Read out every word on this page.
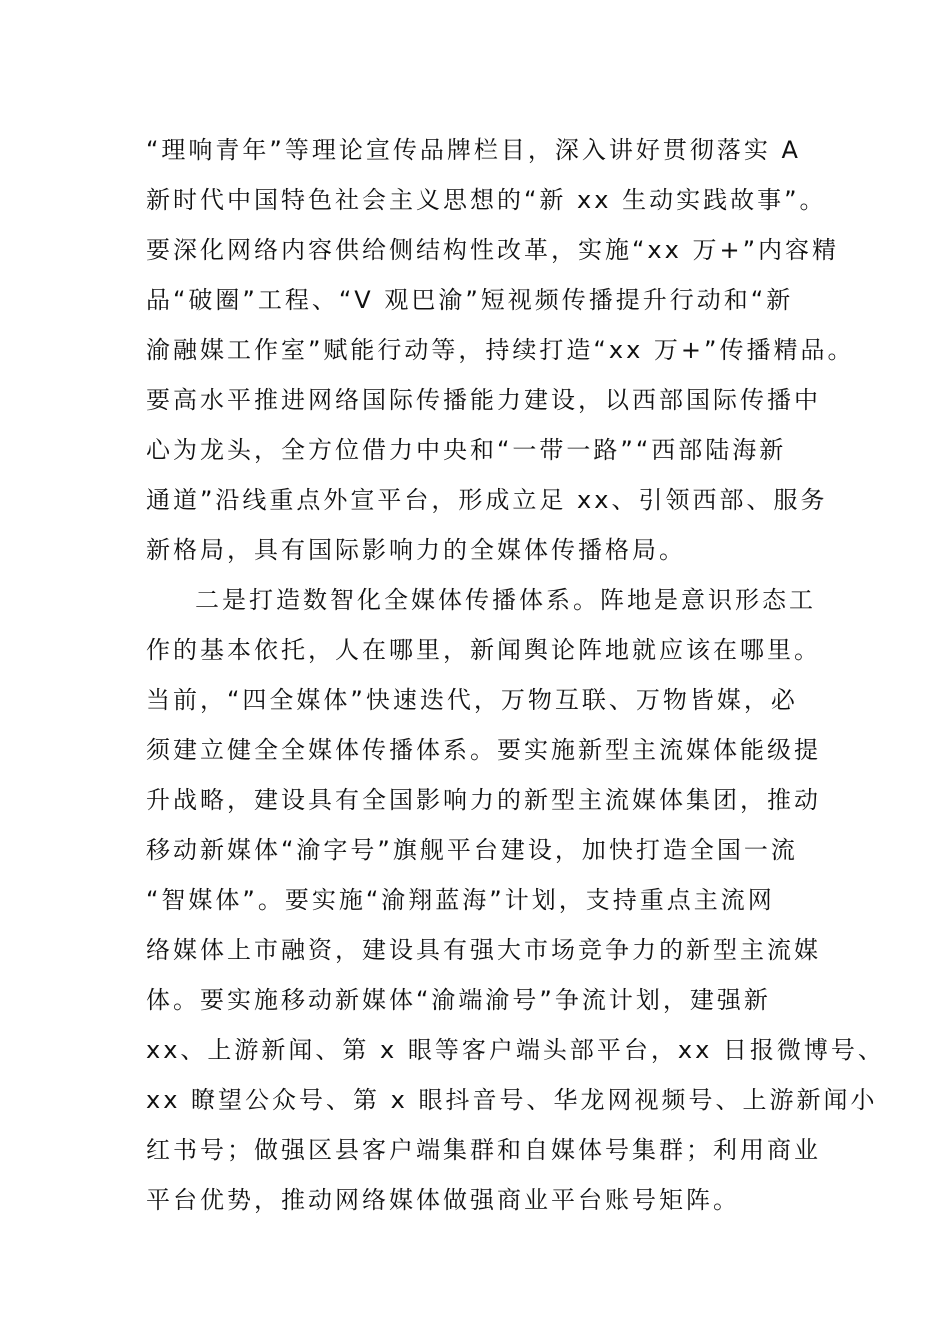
“理响青年”等理论宣传品牌栏目，深入讲好贯彻落实 A
新时代中国特色社会主义思想的“新 xx 生动实践故事”。
要深化网络内容供给侧结构性改革，实施“xx 万+”内容精
品“破圈”工程、“V 观巴渝”短视频传播提升行动和“新
渝融媒工作室”赋能行动等，持续打造“xx 万+”传播精品。
要高水平推进网络国际传播能力建设，以西部国际传播中
心为龙头，全方位借力中央和“一带一路”“西部陆海新
通道”沿线重点外宣平台，形成立足 xx、引领西部、服务
新格局，具有国际影响力的全媒体传播格局。
二是打造数智化全媒体传播体系。阵地是意识形态工
作的基本依托，人在哪里，新闻舆论阵地就应该在哪里。
当前，“四全媒体”快速迭代，万物互联、万物皆媒，必
须建立健全全媒体传播体系。要实施新型主流媒体能级提
升战略，建设具有全国影响力的新型主流媒体集团，推动
移动新媒体“渝字号”旗舰平台建设，加快打造全国一流
“智媒体”。要实施“渝翔蓝海”计划，支持重点主流网
络媒体上市融资，建设具有强大市场竞争力的新型主流媒
体。要实施移动新媒体“渝端渝号”争流计划，建强新
xx、上游新闻、第 x 眼等客户端头部平台，xx 日报微博号、
xx 瞭望公众号、第 x 眼抖音号、华龙网视频号、上游新闻小
红书号；做强区县客户端集群和自媒体号集群；利用商业
平台优势，推动网络媒体做强商业平台账号矩阵。
